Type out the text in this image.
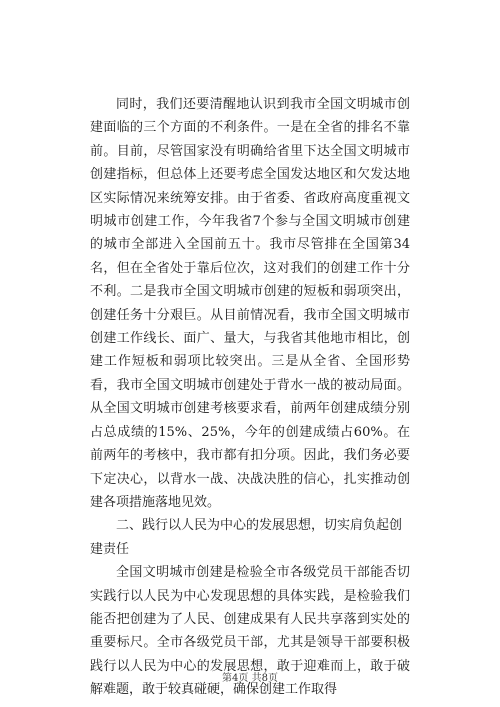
同时，我们还要清醒地认识到我市全国文明城市创建面临的三个方面的不利条件。一是在全省的排名不靠前。目前，尽管国家没有明确给省里下达全国文明城市创建指标，但总体上还要考虑全国发达地区和欠发达地区实际情况来统筹安排。由于省委、省政府高度重视文明城市创建工作，今年我省7个参与全国文明城市创建的城市全部进入全国前五十。我市尽管排在全国第34名，但在全省处于靠后位次，这对我们的创建工作十分不利。二是我市全国文明城市创建的短板和弱项突出，创建任务十分艰巨。从目前情况看，我市全国文明城市创建工作线长、面广、量大，与我省其他地市相比，创建工作短板和弱项比较突出。三是从全省、全国形势看，我市全国文明城市创建处于背水一战的被动局面。从全国文明城市创建考核要求看，前两年创建成绩分别占总成绩的15%、25%，今年的创建成绩占60%。在前两年的考核中，我市都有扣分项。因此，我们务必要下定决心，以背水一战、决战决胜的信心，扎实推动创建各项措施落地见效。

二、践行以人民为中心的发展思想，切实肩负起创建责任

全国文明城市创建是检验全市各级党员干部能否切实践行以人民为中心发现思想的具体实践，是检验我们能否把创建为了人民、创建成果有人民共享落到实处的重要标尺。全市各级党员干部，尤其是领导干部要积极践行以人民为中心的发展思想，敢于迎难而上，敢于破解难题，敢于较真碰硬，确保创建工作取得

第4页 共8页
